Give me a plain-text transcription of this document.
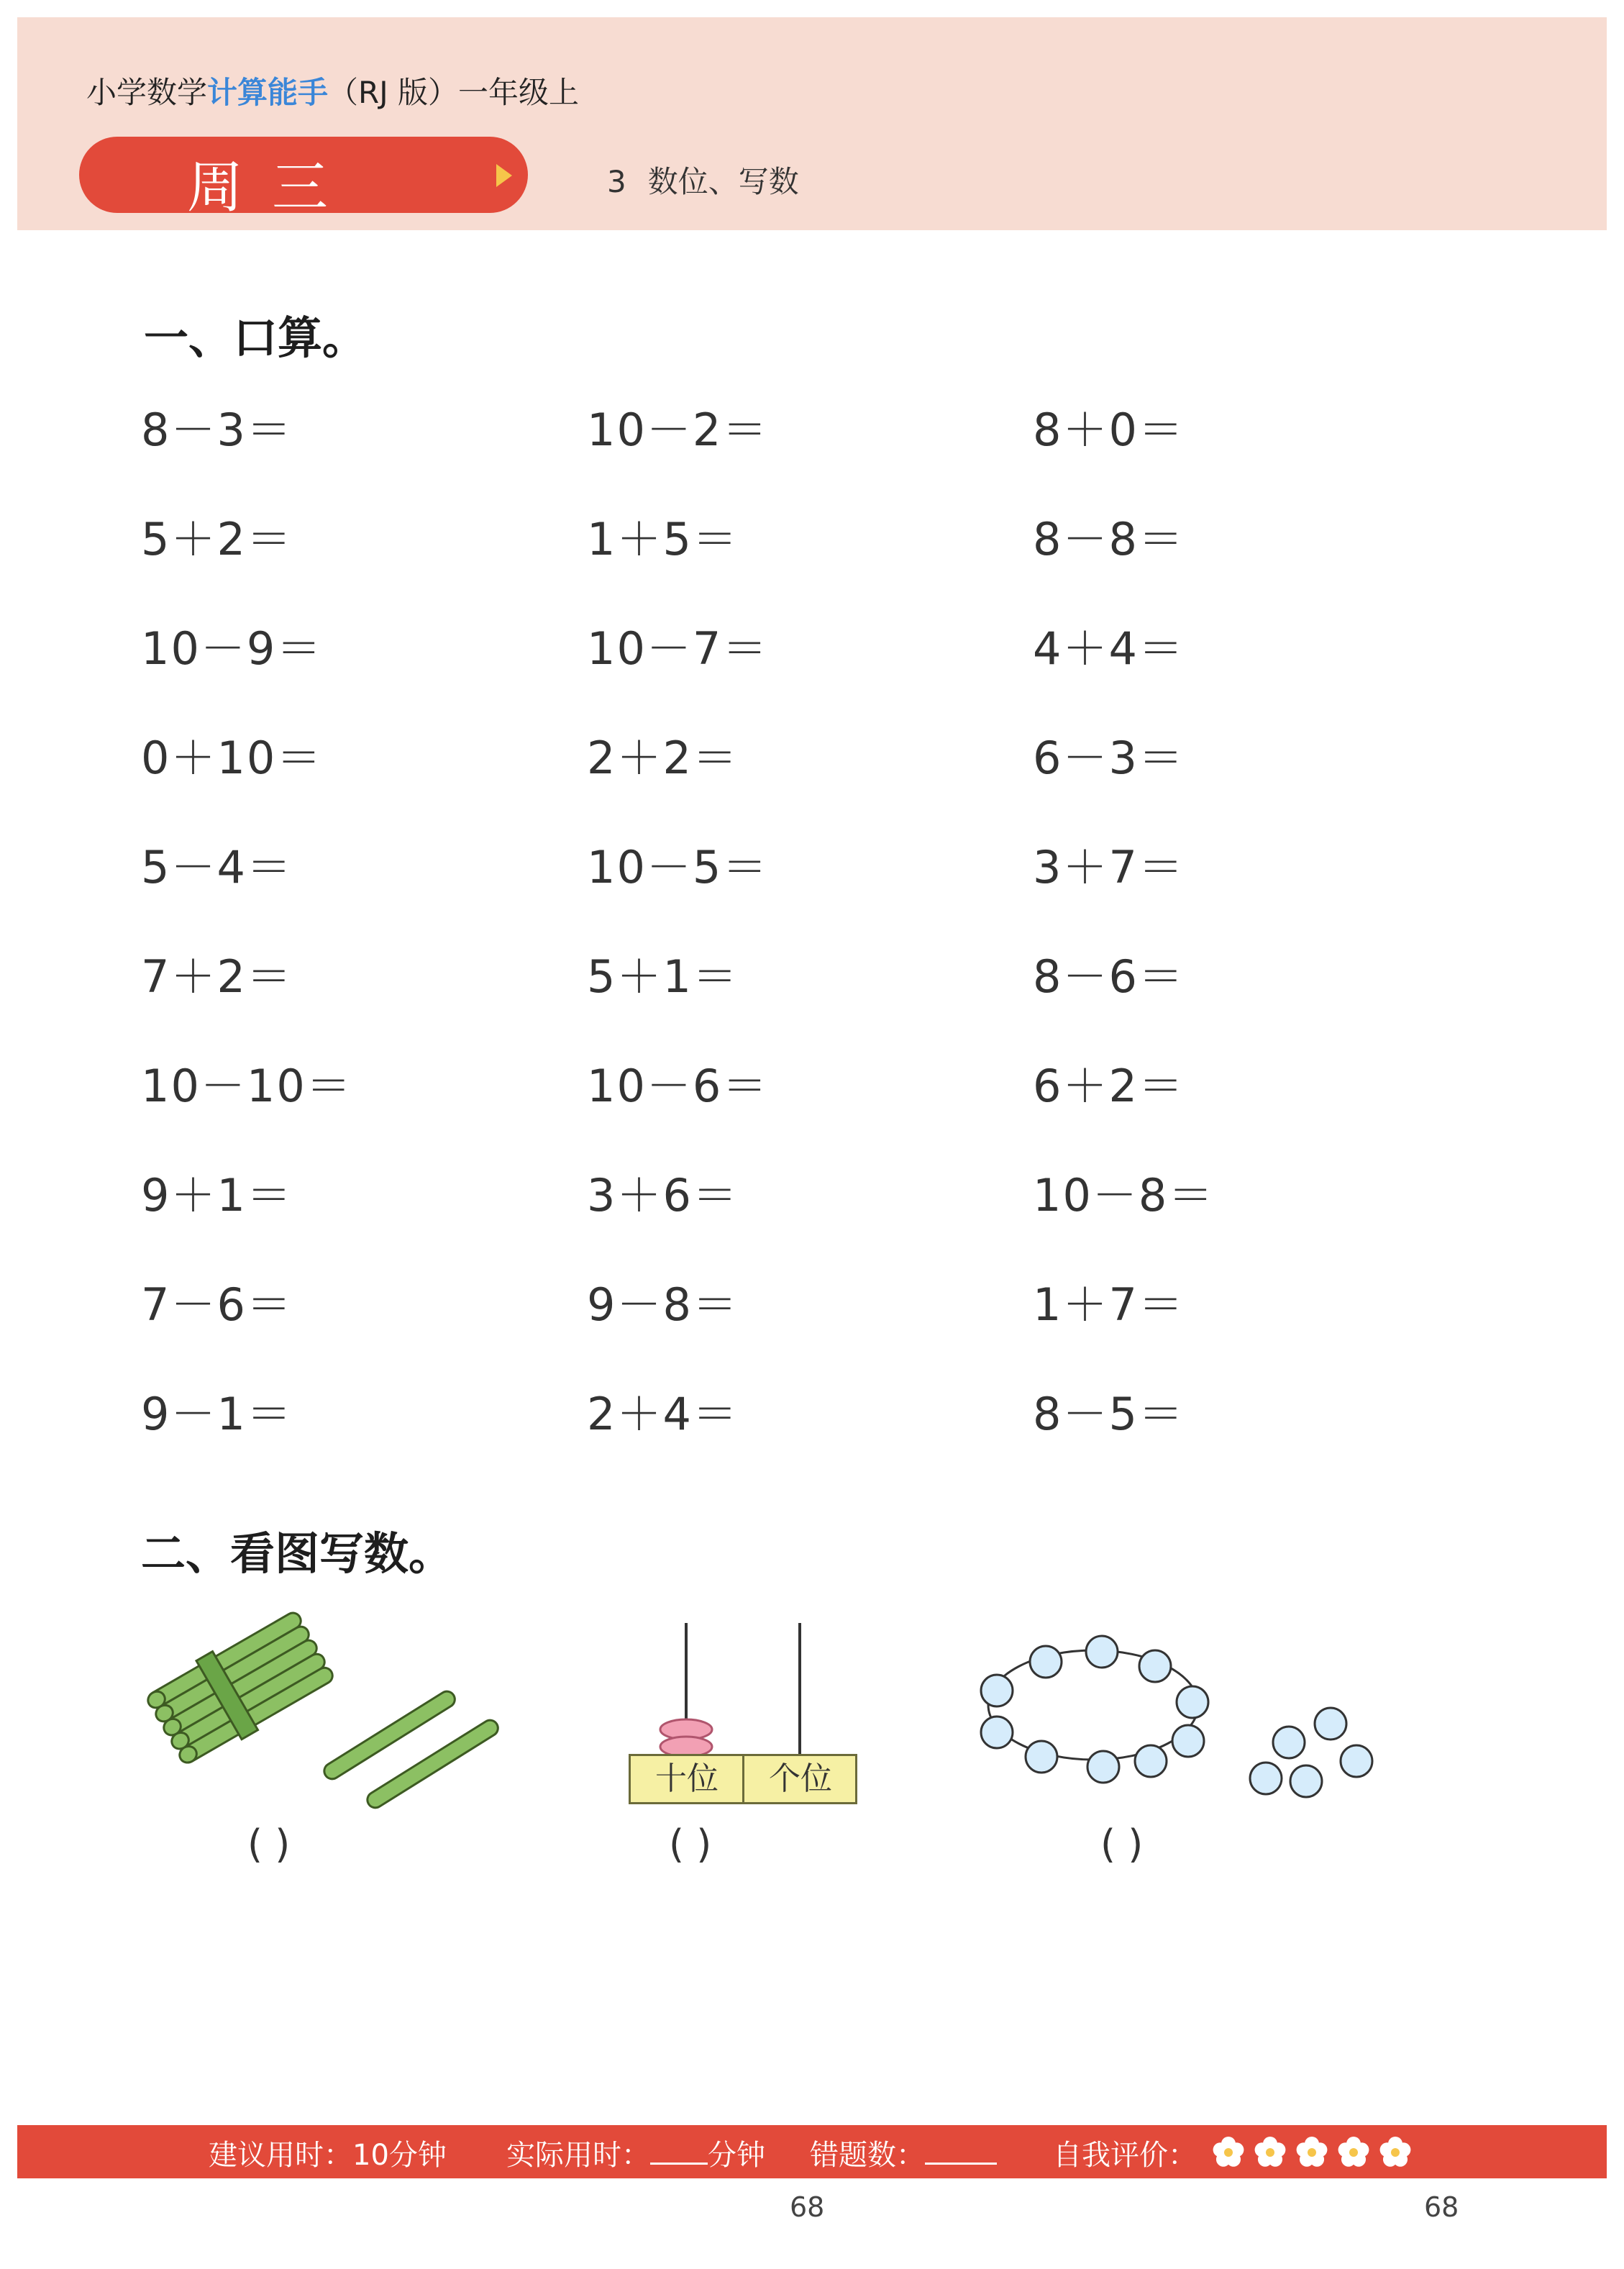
小学数学计算能手（RJ 版）一年级上
周三	3 数位、写数
一、口算。
8－3＝	10－2＝	8＋0＝
5＋2＝	1＋5＝	8－8＝
10－9＝	10－7＝	4＋4＝
0＋10＝	2＋2＝	6－3＝
5－4＝	10－5＝	3＋7＝
7＋2＝	5＋1＝	8－6＝
10－10＝	10－6＝	6＋2＝
9＋1＝	3＋6＝	10－8＝
7－6＝	9－8＝	1＋7＝
9－1＝	2＋4＝	8－5＝
二、看图写数。
( )
十位	个位
( )	( )
建议用时：10分钟 实际用时： 分钟 错题数：	自我评价：
68	68
